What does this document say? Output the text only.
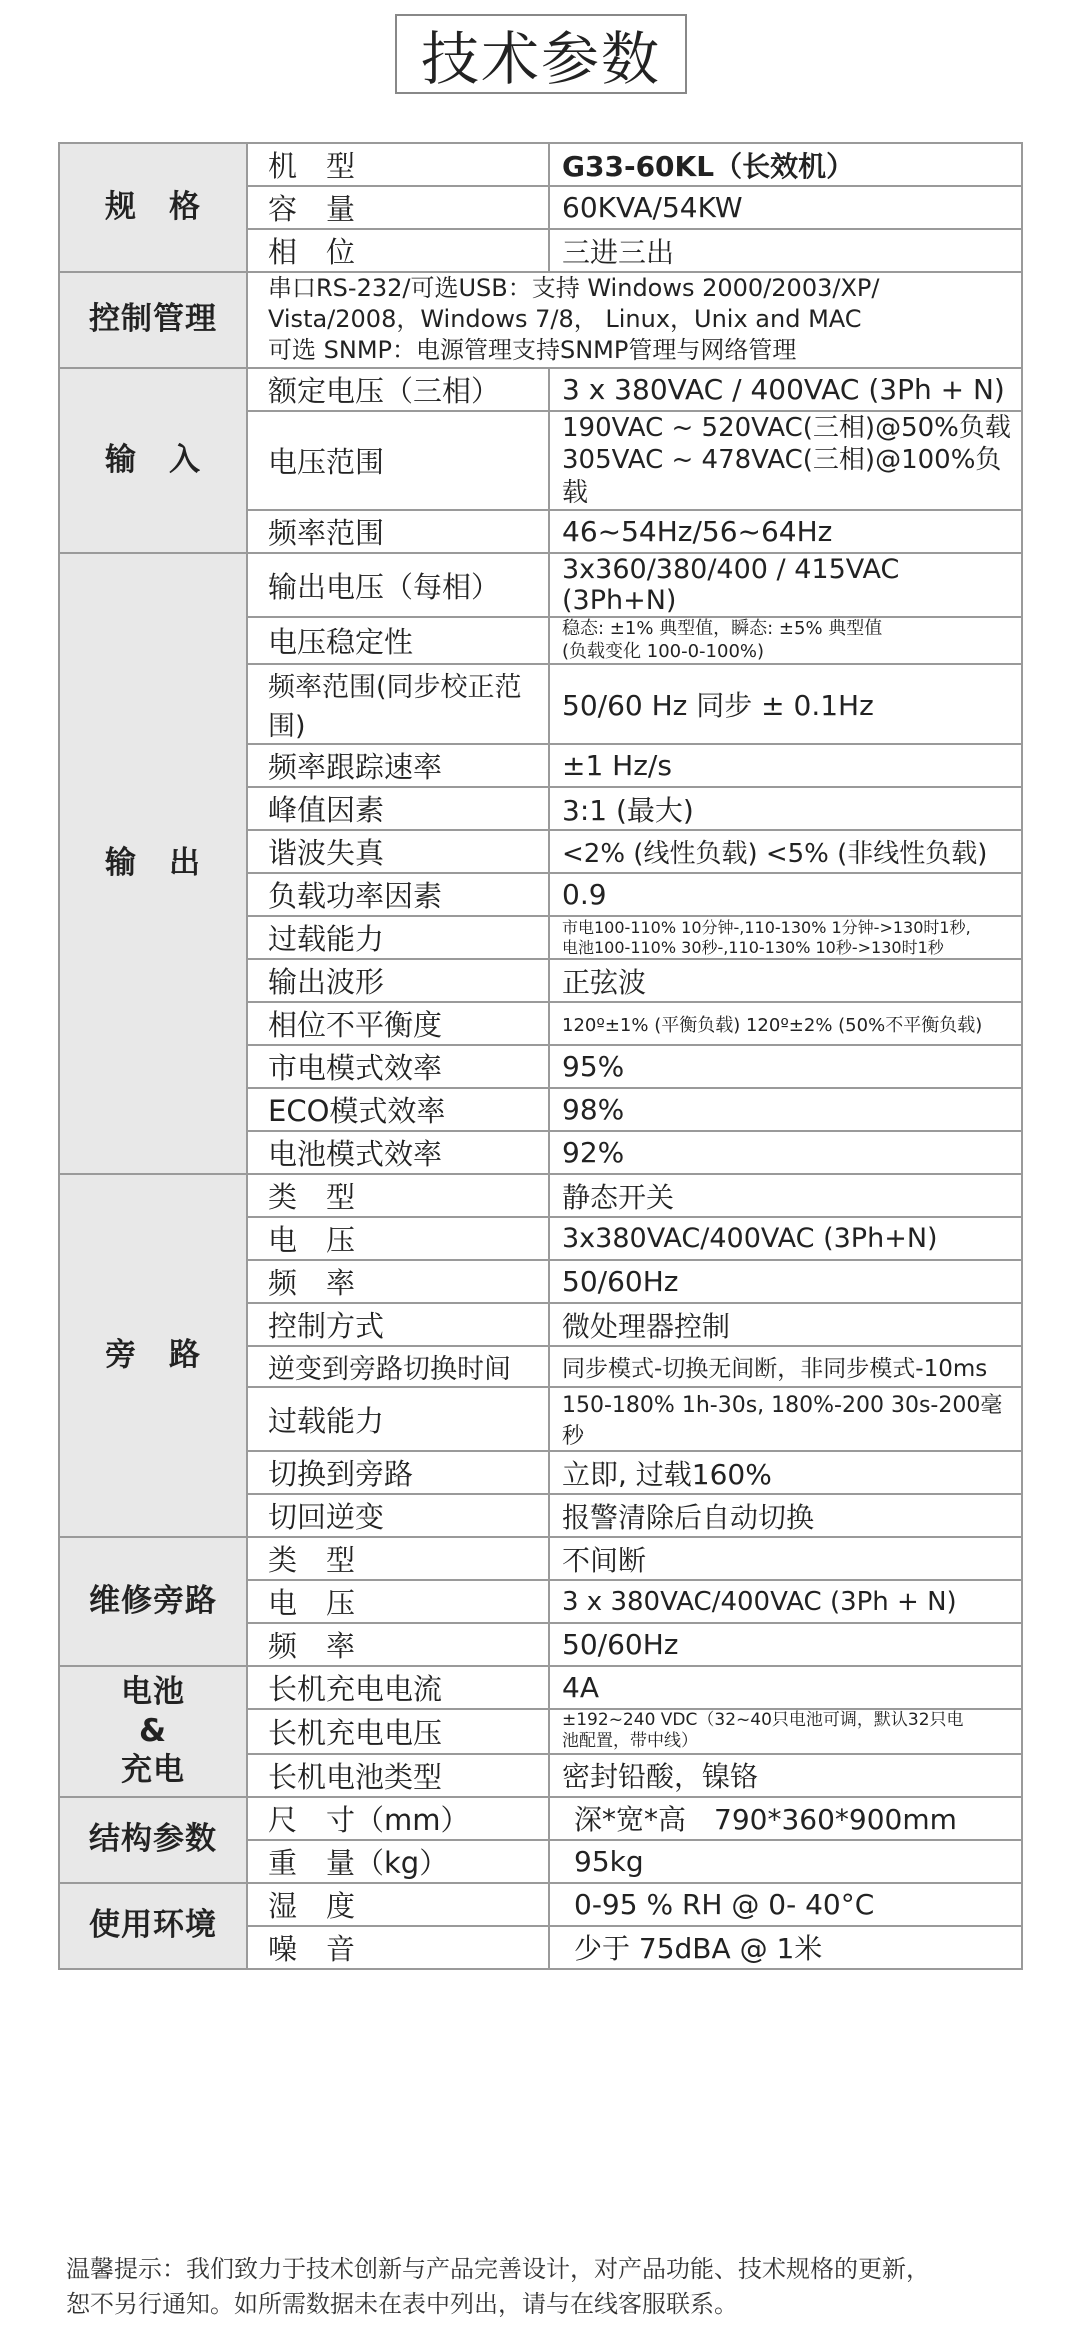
技术参数
规　格	机　型	G33-60KL（长效机）
	容　量	60KVA/54KW
	相　位	三进三出
控制管理	串口RS-232/可选USB：支持 Windows 2000/2003/XP/
Vista/2008，Windows 7/8， Linux，Unix and MAC
可选 SNMP：电源管理支持SNMP管理与网络管理	
输　入	额定电压（三相）	3 x 380VAC / 400VAC (3Ph + N)
	电压范围	190VAC ~ 520VAC(三相)@50%负载
305VAC ~ 478VAC(三相)@100%负载
	频率范围	46~54Hz/56~64Hz
输　出	输出电压（每相）	3x360/380/400 / 415VAC (3Ph+N)
	电压稳定性	稳态: ±1% 典型值，瞬态: ±5% 典型值
(负载变化 100-0-100%)
	频率范围(同步校正范围)	50/60 Hz 同步 ± 0.1Hz
	频率跟踪速率	±1 Hz/s
	峰值因素	3:1 (最大)
	谐波失真	<2% (线性负载) <5% (非线性负载)
	负载功率因素	0.9
	过载能力	市电100-110% 10分钟-,110-130% 1分钟->130时1秒,
电池100-110% 30秒-,110-130% 10秒->130时1秒
	输出波形	正弦波
	相位不平衡度	120º±1% (平衡负载) 120º±2% (50%不平衡负载)
	市电模式效率	95%
	ECO模式效率	98%
	电池模式效率	92%
旁　路	类　型	静态开关
	电　压	3x380VAC/400VAC (3Ph+N)
	频　率	50/60Hz
	控制方式	微处理器控制
	逆变到旁路切换时间	同步模式-切换无间断，非同步模式-10ms
	过载能力	150-180% 1h-30s, 180%-200 30s-200毫秒
	切换到旁路	立即, 过载160%
	切回逆变	报警清除后自动切换
维修旁路	类　型	不间断
	电　压	3 x 380VAC/400VAC (3Ph + N)
	频　率	50/60Hz
电池
&
充电	长机充电电流	4A
	长机充电电压	±192~240 VDC（32~40只电池可调，默认32只电
池配置，带中线）
	长机电池类型	密封铅酸，镍铬
结构参数	尺　寸（mm）	深*宽*高　790*360*900mm
	重　量（kg）	95kg
使用环境	湿　度	0-95 % RH @ 0- 40°C
	噪　音	少于 75dBA @ 1米
温馨提示：我们致力于技术创新与产品完善设计，对产品功能、技术规格的更新，
恕不另行通知。如所需数据未在表中列出，请与在线客服联系。
